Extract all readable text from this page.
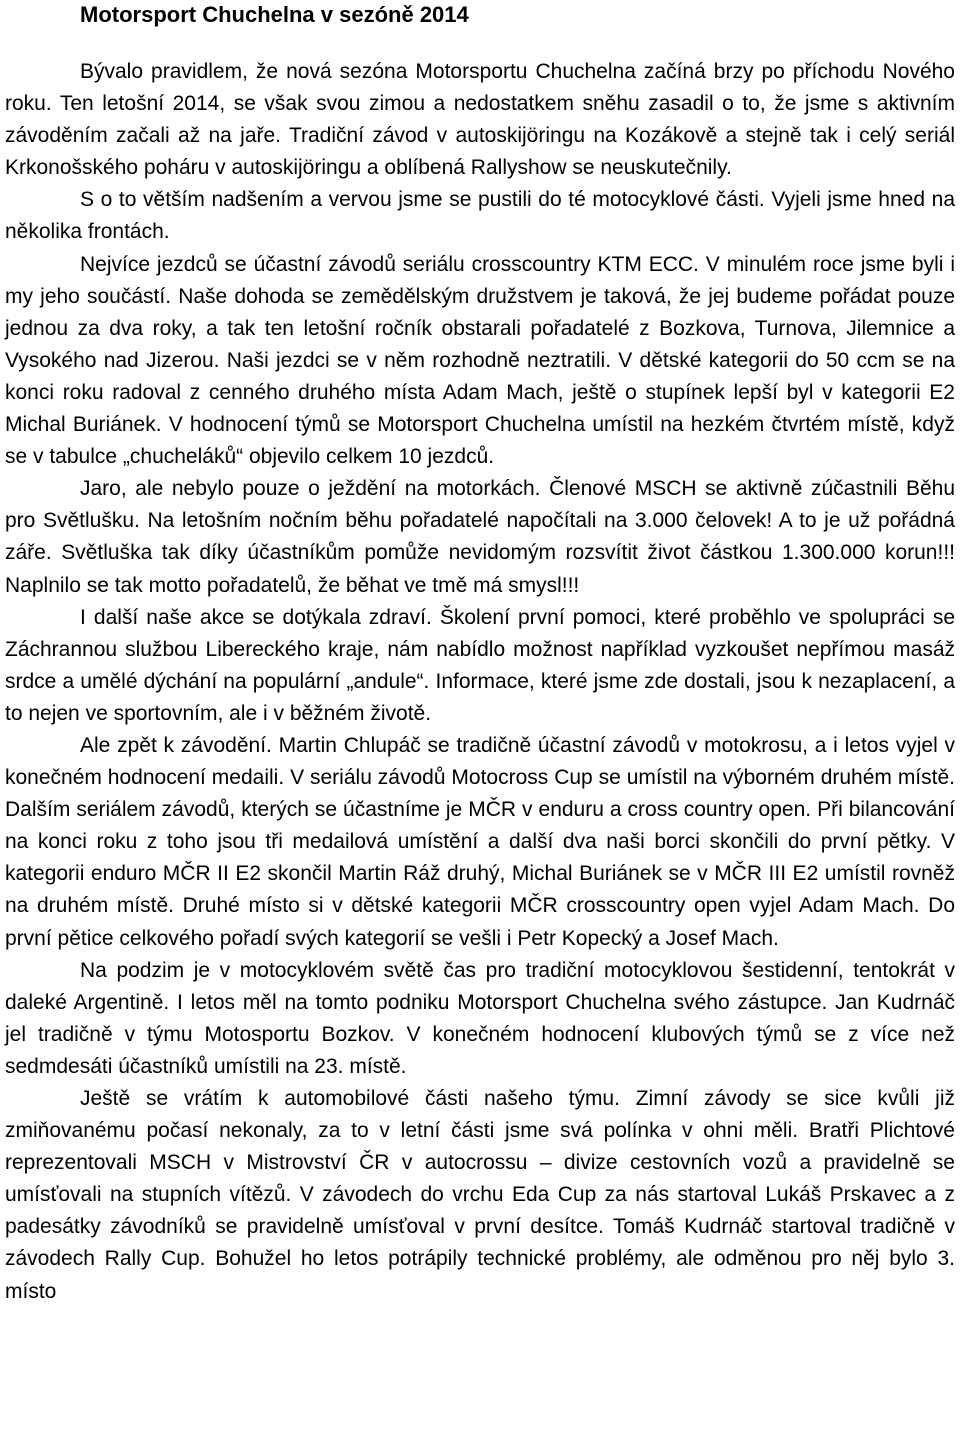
Motorsport Chuchelna v sezóně 2014

Bývalo pravidlem, že nová sezóna Motorsportu Chuchelna začíná brzy po příchodu Nového roku. Ten letošní 2014, se však svou zimou a nedostatkem sněhu zasadil o to, že jsme s aktivním závoděním začali až na jaře. Tradiční závod v autoskijöringu na Kozákově a stejně tak i celý seriál Krkonošského poháru v autoskijöringu a oblíbená Rallyshow se neuskutečnily.

S o to větším nadšením a vervou jsme se pustili do té motocyklové části. Vyjeli jsme hned na několika frontách.

Nejvíce jezdců se účastní závodů seriálu crosscountry KTM ECC. V minulém roce jsme byli i my jeho součástí. Naše dohoda se zemědělským družstvem je taková, že jej budeme pořádat pouze jednou za dva roky, a tak ten letošní ročník obstarali pořadatelé z Bozkova, Turnova, Jilemnice a Vysokého nad Jizerou. Naši jezdci se v něm rozhodně neztratili. V dětské kategorii do 50 ccm se na konci roku radoval z cenného druhého místa Adam Mach, ještě o stupínek lepší byl v kategorii E2 Michal Buriánek. V hodnocení týmů se Motorsport Chuchelna umístil na hezkém čtvrtém místě, když se v tabulce „chucheláků“ objevilo celkem 10 jezdců.

Jaro, ale nebylo pouze o ježdění na motorkách. Členové MSCH se aktivně zúčastnili Běhu pro Světlušku. Na letošním nočním běhu pořadatelé napočítali na 3.000 čelovek! A to je už pořádná záře. Světluška tak díky účastníkům pomůže nevidomým rozsvítit život částkou 1.300.000 korun!!! Naplnilo se tak motto pořadatelů, že běhat ve tmě má smysl!!!

I další naše akce se dotýkala zdraví. Školení první pomoci, které proběhlo ve spolupráci se Záchrannou službou Libereckého kraje, nám nabídlo možnost například vyzkoušet nepřímou masáž srdce a umělé dýchání na populární „andule“. Informace, které jsme zde dostali, jsou k nezaplacení, a to nejen ve sportovním, ale i v běžném životě.

Ale zpět k závodění. Martin Chlupáč se tradičně účastní závodů v motokrosu, a i letos vyjel v konečném hodnocení medaili. V seriálu závodů Motocross Cup se umístil na výborném druhém místě. Dalším seriálem závodů, kterých se účastníme je MČR v enduru a cross country open. Při bilancování na konci roku z toho jsou tři medailová umístění a další dva naši borci skončili do první pětky. V kategorii enduro MČR II E2 skončil Martin Ráž druhý, Michal Buriánek se v MČR III E2 umístil rovněž na druhém místě. Druhé místo si v dětské kategorii MČR crosscountry open vyjel Adam Mach. Do první pětice celkového pořadí svých kategorií se vešli i Petr Kopecký a Josef Mach.

Na podzim je v motocyklovém světě čas pro tradiční motocyklovou šestidenní, tentokrát v daleké Argentině. I letos měl na tomto podniku Motorsport Chuchelna svého zástupce. Jan Kudrnáč jel tradičně v týmu Motosportu Bozkov. V konečném hodnocení klubových týmů se z více než sedmdesáti účastníků umístili na 23. místě.

Ještě se vrátím k automobilové části našeho týmu. Zimní závody se sice kvůli již zmiňovanému počasí nekonaly, za to v letní části jsme svá polínka v ohni měli. Bratři Plichtové reprezentovali MSCH v Mistrovství ČR v autocrossu – divize cestovních vozů a pravidelně se umísťovali na stupních vítězů. V závodech do vrchu Eda Cup za nás startoval Lukáš Prskavec a z padesátky závodníků se pravidelně umísťoval v první desítce. Tomáš Kudrnáč startoval tradičně v závodech Rally Cup. Bohužel ho letos potrápily technické problémy, ale odměnou pro něj bylo 3. místo
